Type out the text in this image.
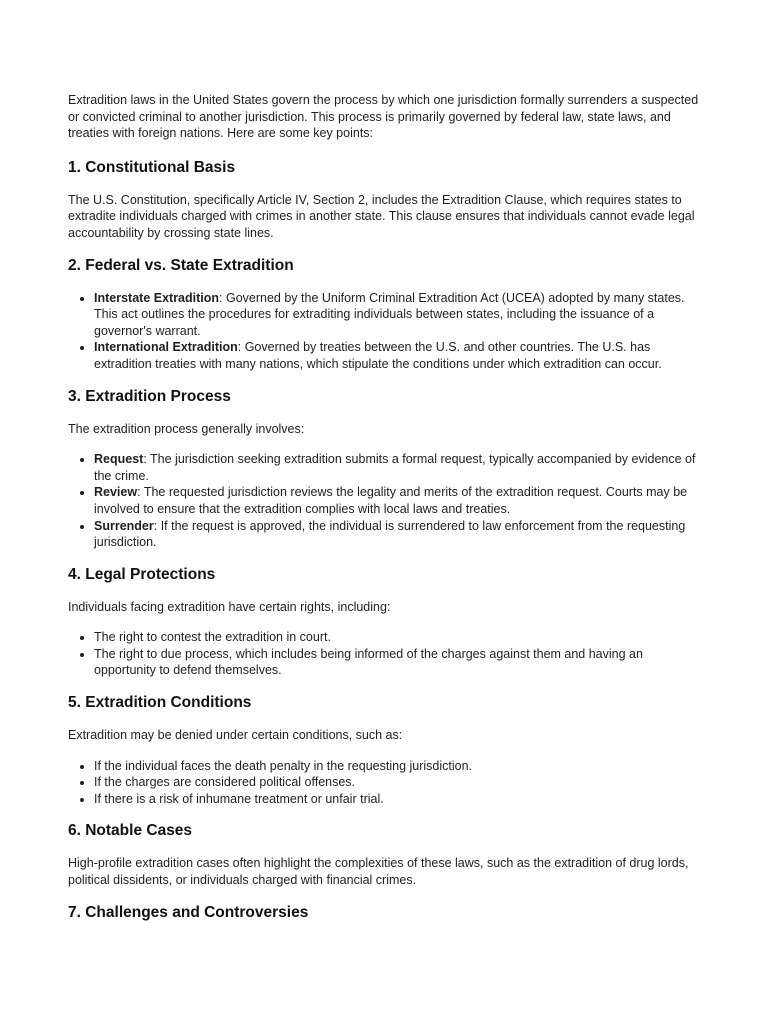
Extradition laws in the United States govern the process by which one jurisdiction formally surrenders a suspected or convicted criminal to another jurisdiction. This process is primarily governed by federal law, state laws, and treaties with foreign nations. Here are some key points:

1. Constitutional Basis

The U.S. Constitution, specifically Article IV, Section 2, includes the Extradition Clause, which requires states to extradite individuals charged with crimes in another state. This clause ensures that individuals cannot evade legal accountability by crossing state lines.

2. Federal vs. State Extradition
• Interstate Extradition: Governed by the Uniform Criminal Extradition Act (UCEA) adopted by many states. This act outlines the procedures for extraditing individuals between states, including the issuance of a governor's warrant.
• International Extradition: Governed by treaties between the U.S. and other countries. The U.S. has extradition treaties with many nations, which stipulate the conditions under which extradition can occur.
3. Extradition Process

The extradition process generally involves:

• Request: The jurisdiction seeking extradition submits a formal request, typically accompanied by evidence of the crime.
• Review: The requested jurisdiction reviews the legality and merits of the extradition request. Courts may be involved to ensure that the extradition complies with local laws and treaties.
• Surrender: If the request is approved, the individual is surrendered to law enforcement from the requesting jurisdiction.
4. Legal Protections

Individuals facing extradition have certain rights, including:

• The right to contest the extradition in court.
• The right to due process, which includes being informed of the charges against them and having an opportunity to defend themselves.
5. Extradition Conditions

Extradition may be denied under certain conditions, such as:

• If the individual faces the death penalty in the requesting jurisdiction.
• If the charges are considered political offenses.
• If there is a risk of inhumane treatment or unfair trial.
6. Notable Cases

High-profile extradition cases often highlight the complexities of these laws, such as the extradition of drug lords, political dissidents, or individuals charged with financial crimes.

7. Challenges and Controversies
